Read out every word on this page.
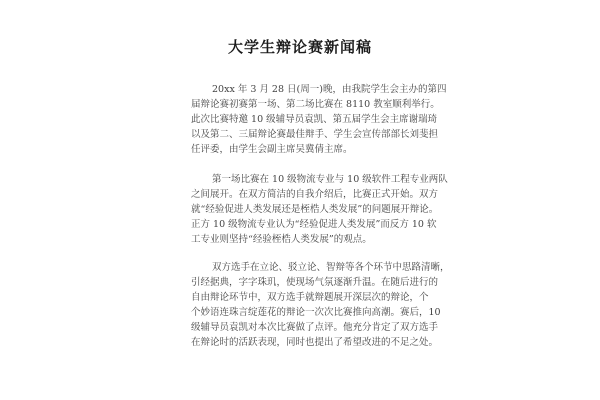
大学生辩论赛新闻稿
20xx 年 3 月 28 日(周一)晚，由我院学生会主办的第四
届辩论赛初赛第一场、第二场比赛在 8110 教室顺利举行。
此次比赛特邀 10 级辅导员袁凯、第五届学生会主席谢瑞琦
以及第二、三届辩论赛最佳辩手、学生会宣传部部长刘斐担
任评委，由学生会副主席吴冀倩主席。
第一场比赛在 10 级物流专业与 10 级软件工程专业两队
之间展开。在双方简洁的自我介绍后，比赛正式开始。双方
就“经验促进人类发展还是桎梏人类发展”的问题展开辩论。
正方 10 级物流专业认为“经验促进人类发展”而反方 10 软
工专业则坚持“经验桎梏人类发展”的观点。
双方选手在立论、驳立论、智辩等各个环节中思路清晰，
引经据典，字字珠玑，使现场气氛逐渐升温。在随后进行的
自由辩论环节中，双方选手就辩题展开深层次的辩论，个
个妙语连珠言绽莲花的辩论一次次比赛推向高潮。赛后，10
级辅导员袁凯对本次比赛做了点评。他充分肯定了双方选手
在辩论时的活跃表现，同时也提出了希望改进的不足之处。
